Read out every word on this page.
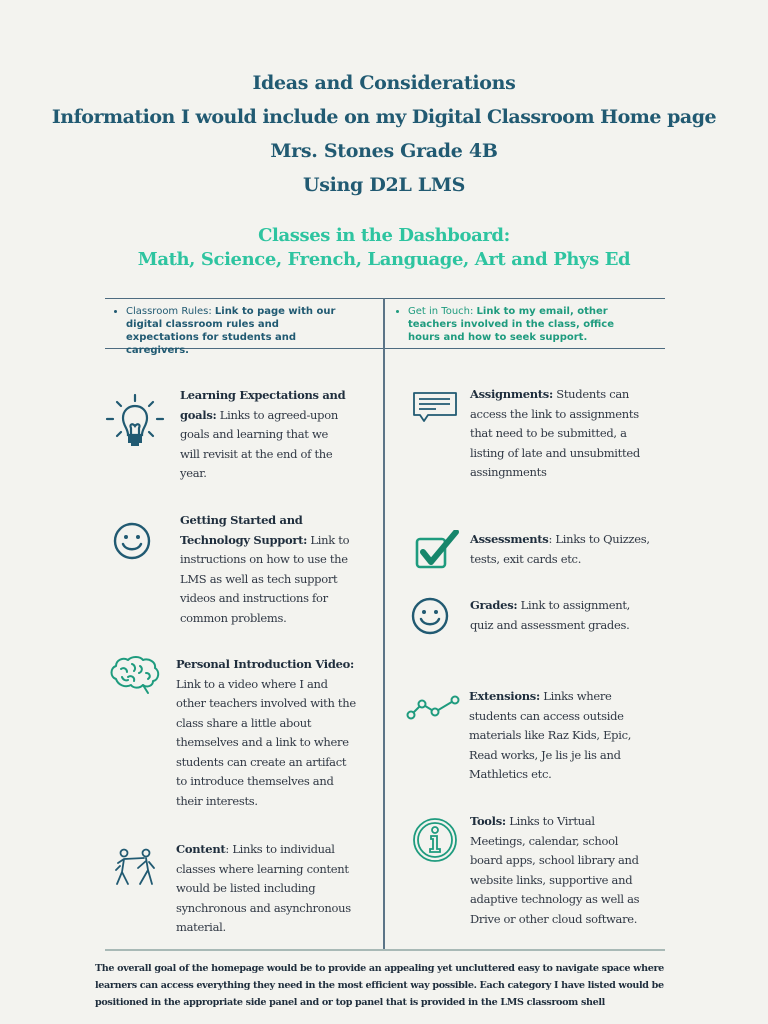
Ideas and Considerations
Information I would include on my Digital Classroom Home page
Mrs. Stones Grade 4B
Using D2L LMS
Classes in the Dashboard:
Math, Science, French, Language, Art and Phys Ed
• Classroom Rules: Link to page with our digital classroom rules and expectations for students and caregivers.
• Get in Touch: Link to my email, other teachers involved in the class, office hours and how to seek support.
Learning Expectations and goals: Links to agreed-upon goals and learning that we will revisit at the end of the year.
Getting Started and Technology Support: Link to instructions on how to use the LMS as well as tech support videos and instructions for common problems.
Personal Introduction Video: Link to a video where I and other teachers involved with the class share a little about themselves and a link to where students can create an artifact to introduce themselves and their interests.
Content: Links to individual classes where learning content would be listed including synchronous and asynchronous material.
Assignments: Students can access the link to assignments that need to be submitted, a listing of late and unsubmitted assingnments
Assessments: Links to Quizzes, tests, exit cards etc.
Grades: Link to assignment, quiz and assessment grades.
Extensions: Links where students can access outside materials like Raz Kids, Epic, Read works, Je lis je lis and Mathletics etc.
Tools: Links to Virtual Meetings, calendar, school board apps, school library and website links, supportive and adaptive technology as well as Drive or other cloud software.
The overall goal of the homepage would be to provide an appealing yet uncluttered easy to navigate space where learners can access everything they need in the most efficient way possible. Each category I have listed would be positioned in the appropriate side panel and or top panel that is provided in the LMS classroom shell
